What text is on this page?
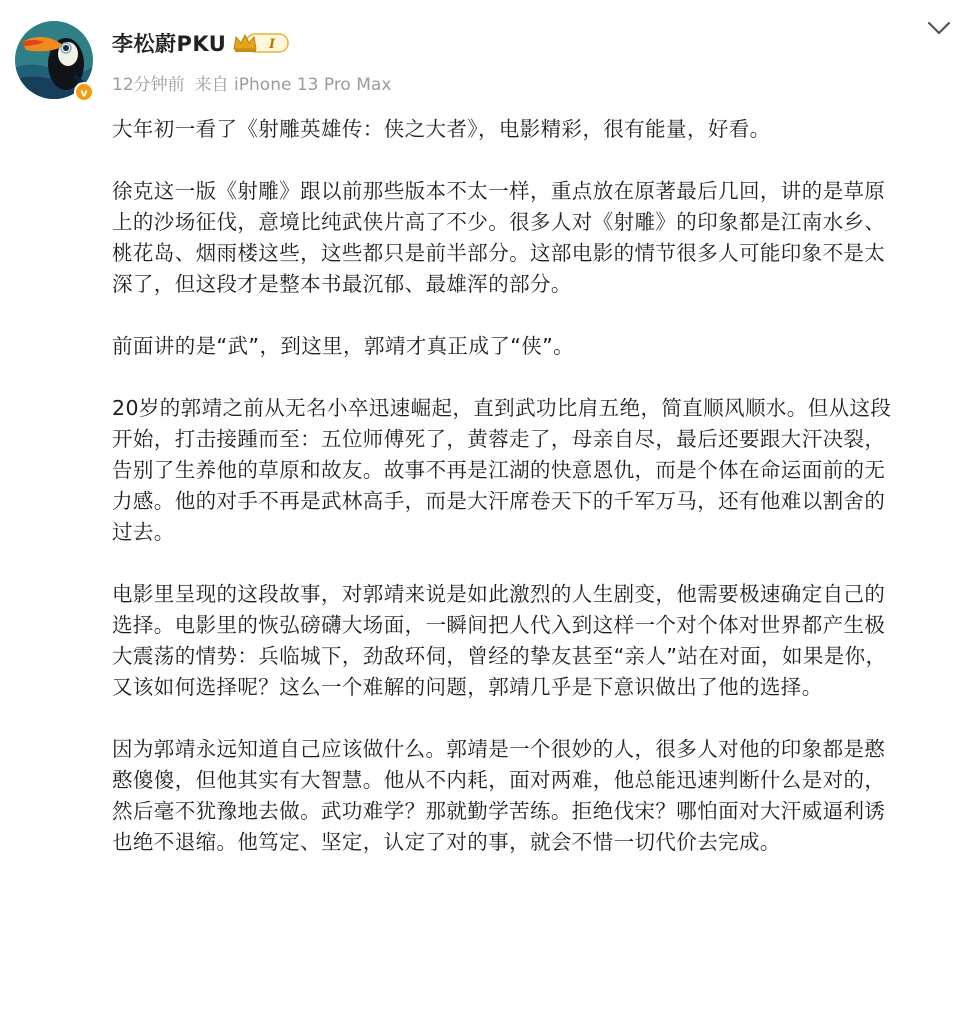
v
李松蔚PKU	I
12分钟前 来自 iPhone 13 Pro Max

大年初一看了《射雕英雄传：侠之大者》，电影精彩，很有能量，好看。

徐克这一版《射雕》跟以前那些版本不太一样，重点放在原著最后几回，讲的是草原
上的沙场征伐，意境比纯武侠片高了不少。很多人对《射雕》的印象都是江南水乡、
桃花岛、烟雨楼这些，这些都只是前半部分。这部电影的情节很多人可能印象不是太
深了，但这段才是整本书最沉郁、最雄浑的部分。

前面讲的是“武”，到这里，郭靖才真正成了“侠”。

20岁的郭靖之前从无名小卒迅速崛起，直到武功比肩五绝，简直顺风顺水。但从这段
开始，打击接踵而至：五位师傅死了，黄蓉走了，母亲自尽，最后还要跟大汗决裂，
告别了生养他的草原和故友。故事不再是江湖的快意恩仇，而是个体在命运面前的无
力感。他的对手不再是武林高手，而是大汗席卷天下的千军万马，还有他难以割舍的
过去。

电影里呈现的这段故事，对郭靖来说是如此激烈的人生剧变，他需要极速确定自己的
选择。电影里的恢弘磅礴大场面，一瞬间把人代入到这样一个对个体对世界都产生极
大震荡的情势：兵临城下，劲敌环伺，曾经的挚友甚至“亲人”站在对面，如果是你，
又该如何选择呢？这么一个难解的问题，郭靖几乎是下意识做出了他的选择。

因为郭靖永远知道自己应该做什么。郭靖是一个很妙的人，很多人对他的印象都是憨
憨傻傻，但他其实有大智慧。他从不内耗，面对两难，他总能迅速判断什么是对的，
然后毫不犹豫地去做。武功难学？那就勤学苦练。拒绝伐宋？哪怕面对大汗威逼利诱
也绝不退缩。他笃定、坚定，认定了对的事，就会不惜一切代价去完成。
